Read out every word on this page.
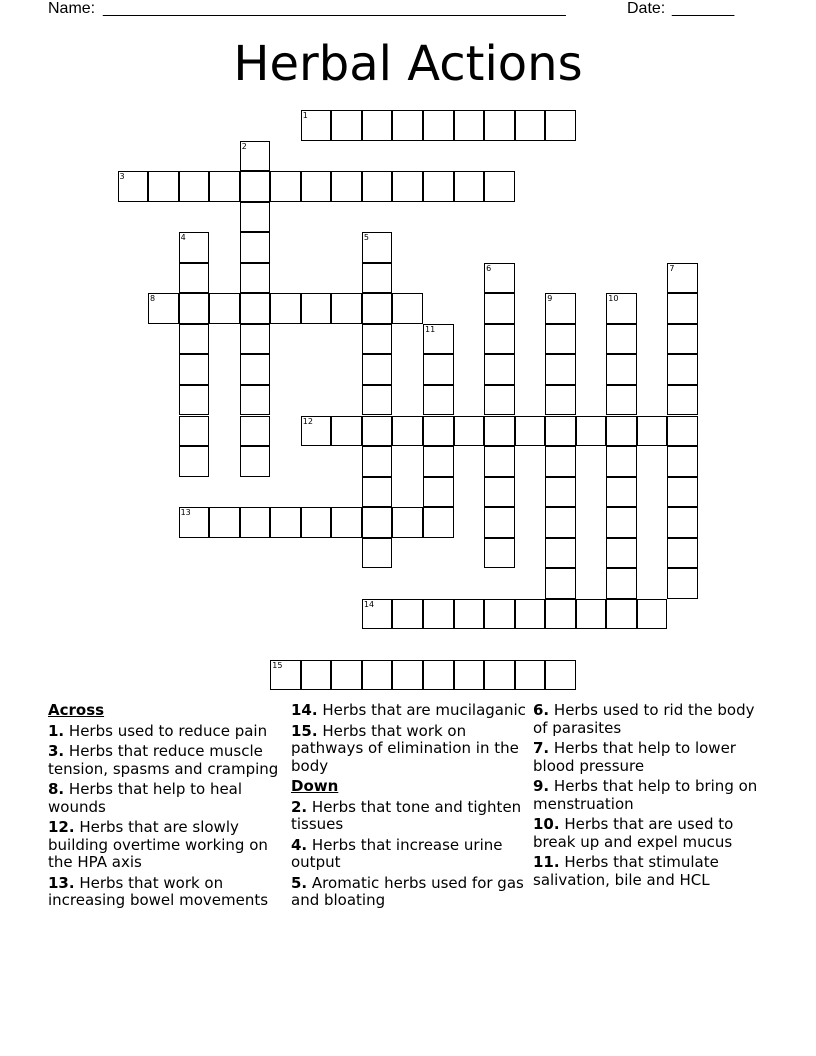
Name: ____________________________________________________	Date: _______
Herbal Actions
1
2
3
4	5
6	7
8	9	10
11
12
13
14
15
Across
1. Herbs used to reduce pain
3. Herbs that reduce muscle tension, spasms and cramping
8. Herbs that help to heal wounds
12. Herbs that are slowly building overtime working on the HPA axis
13. Herbs that work on increasing bowel movements
14. Herbs that are mucilaganic
15. Herbs that work on pathways of elimination in the body
Down
2. Herbs that tone and tighten tissues
4. Herbs that increase urine output
5. Aromatic herbs used for gas and bloating
6. Herbs used to rid the body of parasites
7. Herbs that help to lower blood pressure
9. Herbs that help to bring on menstruation
10. Herbs that are used to break up and expel mucus
11. Herbs that stimulate salivation, bile and HCL
